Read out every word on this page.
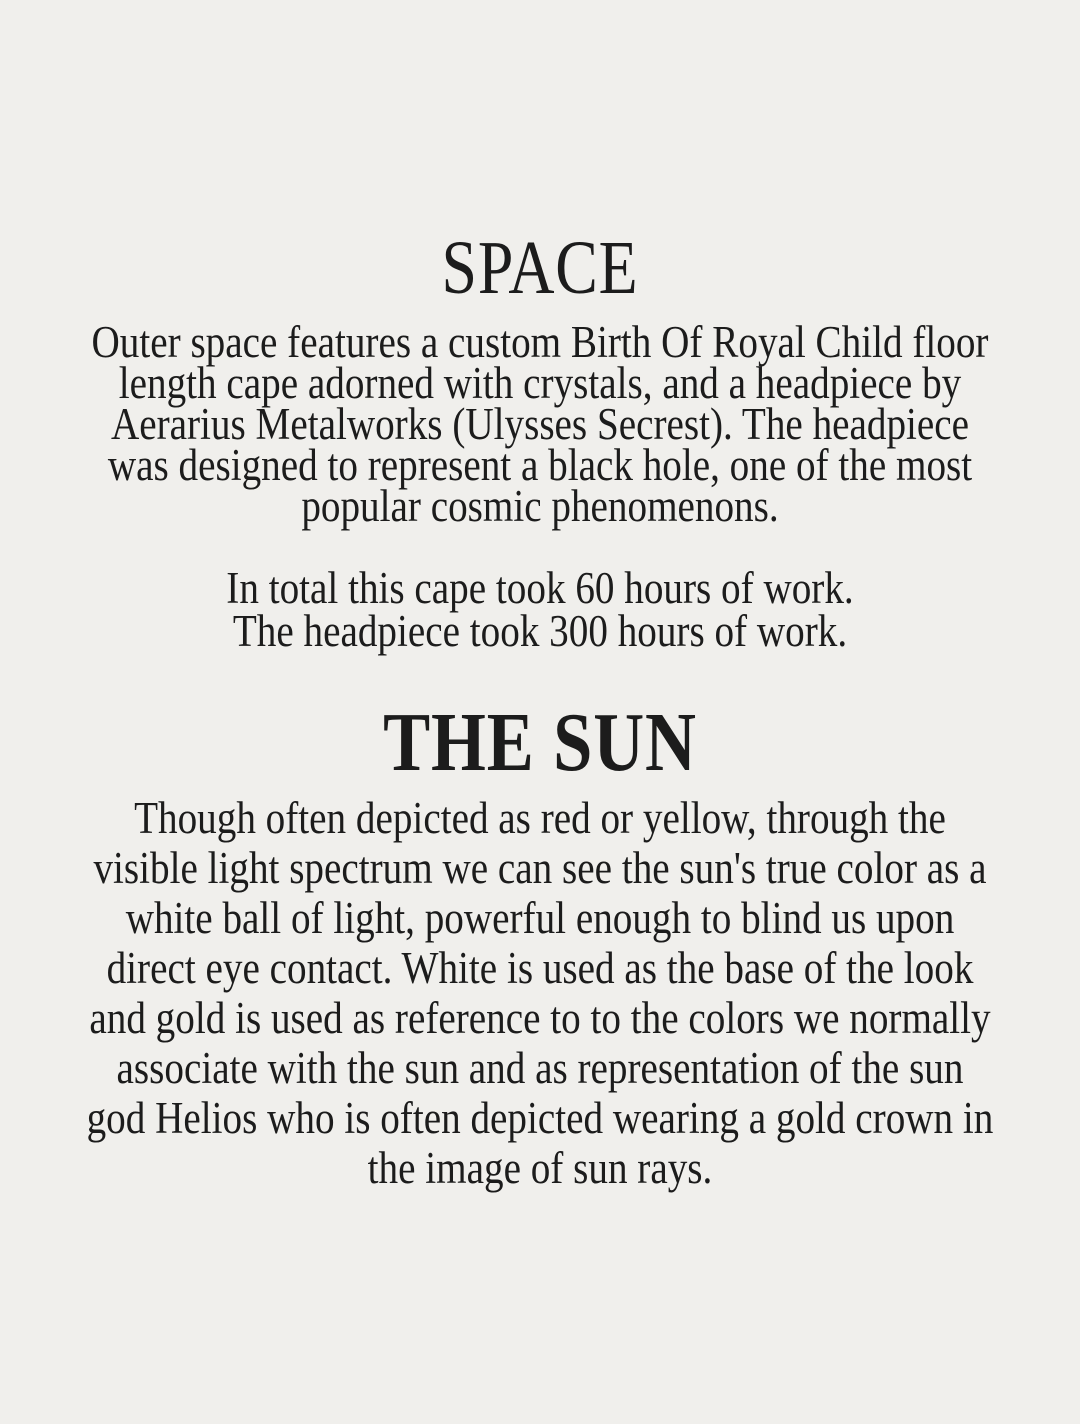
SPACE
Outer space features a custom Birth Of Royal Child floor
length cape adorned with crystals, and a headpiece by
Aerarius Metalworks (Ulysses Secrest). The headpiece
was designed to represent a black hole, one of the most
popular cosmic phenomenons.
In total this cape took 60 hours of work.
The headpiece took 300 hours of work.
THE SUN
Though often depicted as red or yellow, through the
visible light spectrum we can see the sun's true color as a
white ball of light, powerful enough to blind us upon
direct eye contact. White is used as the base of the look
and gold is used as reference to to the colors we normally
associate with the sun and as representation of the sun
god Helios who is often depicted wearing a gold crown in
the image of sun rays.
